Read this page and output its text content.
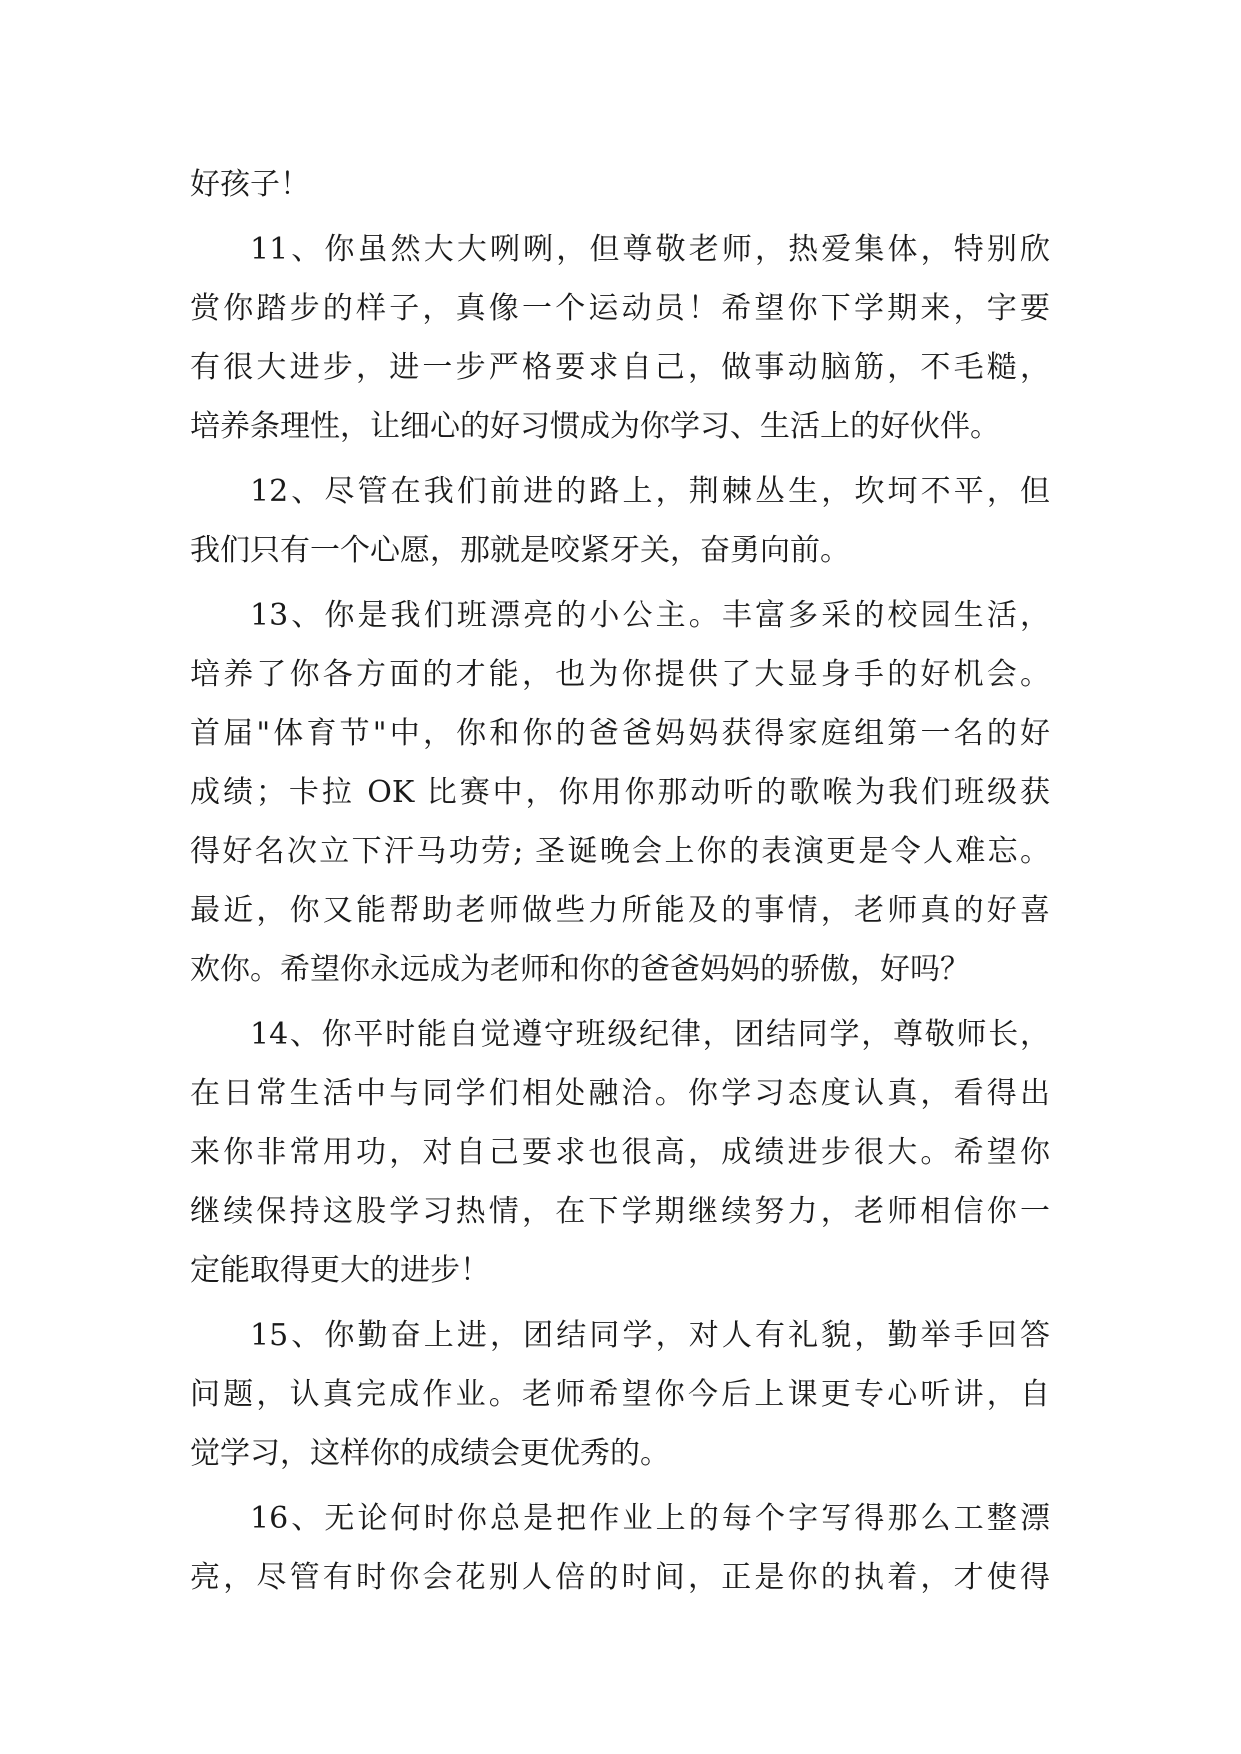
好孩子！
11、你虽然大大咧咧，但尊敬老师，热爱集体，特别欣
赏你踏步的样子，真像一个运动员！希望你下学期来，字要
有很大进步，进一步严格要求自己，做事动脑筋，不毛糙，
培养条理性，让细心的好习惯成为你学习、生活上的好伙伴。
12、尽管在我们前进的路上，荆棘丛生，坎坷不平，但
我们只有一个心愿，那就是咬紧牙关，奋勇向前。
13、你是我们班漂亮的小公主。丰富多采的校园生活，
培养了你各方面的才能，也为你提供了大显身手的好机会。
首届"体育节"中，你和你的爸爸妈妈获得家庭组第一名的好
成绩；卡拉 OK 比赛中，你用你那动听的歌喉为我们班级获
得好名次立下汗马功劳; 圣诞晚会上你的表演更是令人难忘。
最近，你又能帮助老师做些力所能及的事情，老师真的好喜
欢你。希望你永远成为老师和你的爸爸妈妈的骄傲，好吗？
14、你平时能自觉遵守班级纪律，团结同学，尊敬师长，
在日常生活中与同学们相处融洽。你学习态度认真，看得出
来你非常用功，对自己要求也很高，成绩进步很大。希望你
继续保持这股学习热情，在下学期继续努力，老师相信你一
定能取得更大的进步！
15、你勤奋上进，团结同学，对人有礼貌，勤举手回答
问题，认真完成作业。老师希望你今后上课更专心听讲，自
觉学习，这样你的成绩会更优秀的。
16、无论何时你总是把作业上的每个字写得那么工整漂
亮，尽管有时你会花别人倍的时间，正是你的执着，才使得
